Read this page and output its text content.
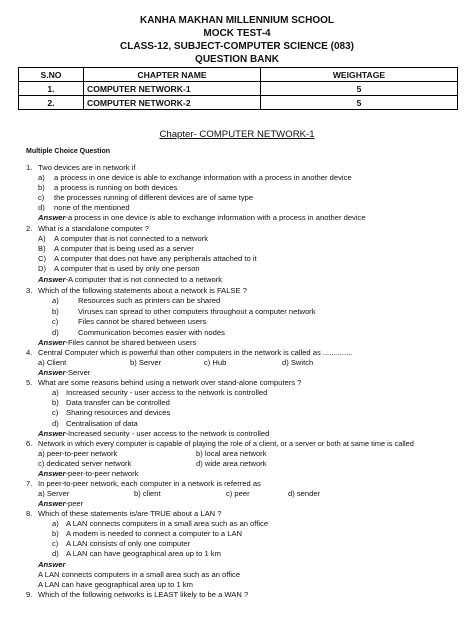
KANHA MAKHAN MILLENNIUM SCHOOL
MOCK TEST-4
CLASS-12, SUBJECT-COMPUTER SCIENCE (083)
QUESTION BANK
S.NO	CHAPTER NAME	WEIGHTAGE
1.	COMPUTER NETWORK-1	5
2.	COMPUTER NETWORK-2	5
Chapter- COMPUTER NETWORK-1
Multiple Choice Question
1. Two devices are in network if
a) a process in one device is able to exchange information with a process in another device
b) a process is running on both devices
c) the processes running of different devices are of same type
d) none of the mentioned
Answer-a process in one device is able to exchange information with a process in another device
2. What is a standalone computer ?
A) A computer that is not connected to a network
B) A computer that is being used as a server
C) A computer that does not have any peripherals attached to it
D) A computer that is used by only one person
Answer-A computer that is not connected to a network
3. Which of the following statements about a network is FALSE ?
a)	Resources such as printers can be shared
b)	Viruses can spread to other computers throughout a computer network
c)	Files cannot be shared between users
d)	Communication becomes easier with nodes
Answer-Files cannot be shared between users
4. Central Computer which is powerful than other computers in the network is called as ..............
a) Client	b) Server	c) Hub	d) Switch
Answer-Server
5. What are some reasons behind using a network over stand-alone computers ?
a) Increased security - user access to the network is controlled
b) Data transfer can be controlled
c) Sharing resources and devices
d) Centralisation of data
Answer-Increased security - user access to the network is controlled
6. Network in which every computer is capable of playing the role of a client, or a server or both at same time is called
a) peer-to-peer network	b) local area network
c) dedicated server network	d) wide area network
Answer-peer-to-peer network
7. In peer-to-peer network, each computer in a network is referred as
a) Server	b) client	c) peer	d) sender
Answer-peer
8. Which of these statements is/are TRUE about a LAN ?
a) A LAN connects computers in a small area such as an office
b) A modem is needed to connect a computer to a LAN
c) A LAN consists of only one computer
d) A LAN can have geographical area up to 1 km
Answer
A LAN connects computers in a small area such as an office
A LAN can have geographical area up to 1 km
9. Which of the following networks is LEAST likely to be a WAN ?
